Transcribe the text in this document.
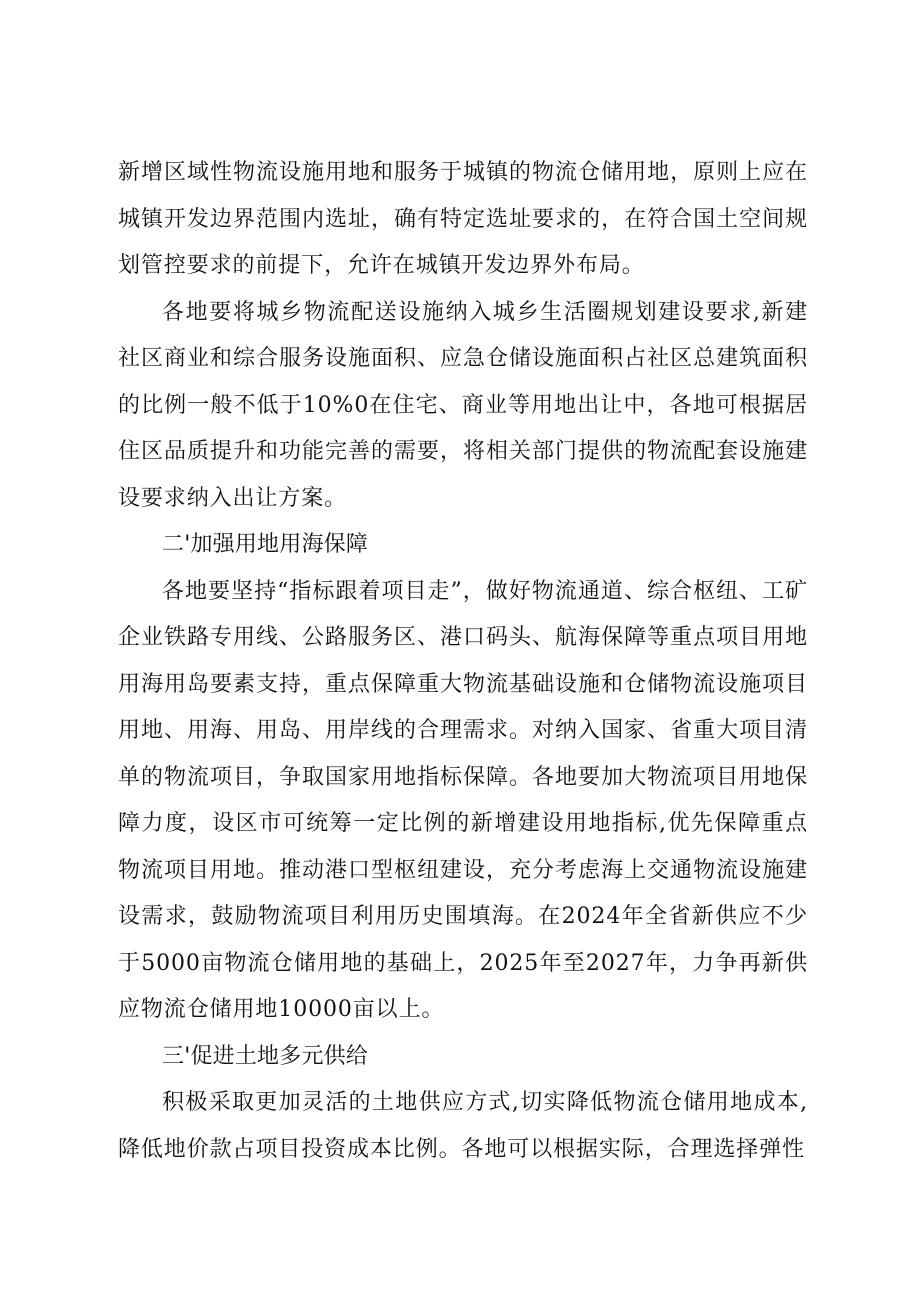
新增区域性物流设施用地和服务于城镇的物流仓储用地，原则上应在城镇开发边界范围内选址，确有特定选址要求的，在符合国土空间规划管控要求的前提下，允许在城镇开发边界外布局。

各地要将城乡物流配送设施纳入城乡生活圈规划建设要求,新建社区商业和综合服务设施面积、应急仓储设施面积占社区总建筑面积的比例一般不低于10%0在住宅、商业等用地出让中，各地可根据居住区品质提升和功能完善的需要，将相关部门提供的物流配套设施建设要求纳入出让方案。

二'加强用地用海保障

各地要坚持“指标跟着项目走”，做好物流通道、综合枢纽、工矿企业铁路专用线、公路服务区、港口码头、航海保障等重点项目用地用海用岛要素支持，重点保障重大物流基础设施和仓储物流设施项目用地、用海、用岛、用岸线的合理需求。对纳入国家、省重大项目清单的物流项目，争取国家用地指标保障。各地要加大物流项目用地保障力度，设区市可统筹一定比例的新增建设用地指标,优先保障重点物流项目用地。推动港口型枢纽建设，充分考虑海上交通物流设施建设需求，鼓励物流项目利用历史围填海。在2024年全省新供应不少于5000亩物流仓储用地的基础上，2025年至2027年，力争再新供应物流仓储用地10000亩以上。

三'促进土地多元供给

积极采取更加灵活的土地供应方式,切实降低物流仓储用地成本,降低地价款占项目投资成本比例。各地可以根据实际，合理选择弹性
